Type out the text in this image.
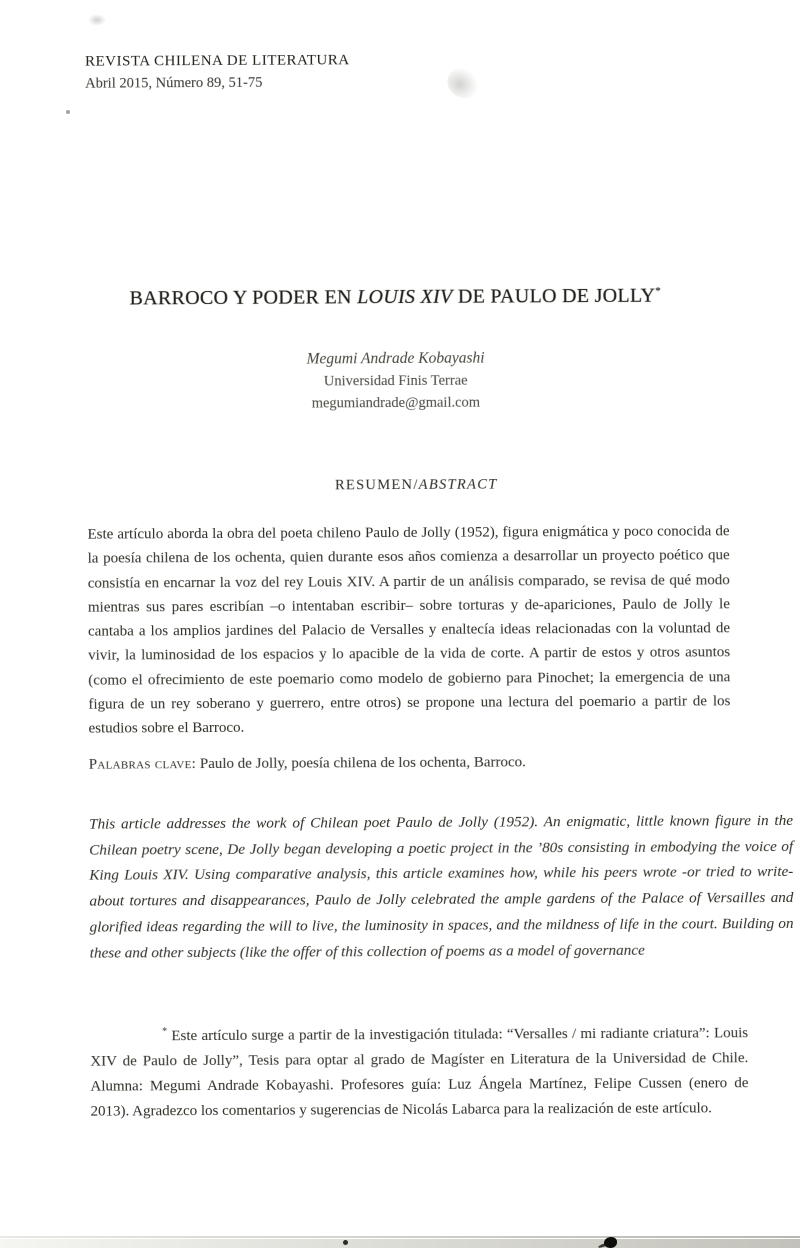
REVISTA CHILENA DE LITERATURA
Abril 2015, Número 89, 51-75
BARROCO Y PODER EN LOUIS XIV DE PAULO DE JOLLY*
Megumi Andrade Kobayashi
Universidad Finis Terrae
megumiandrade@gmail.com
RESUMEN/ABSTRACT
Este artículo aborda la obra del poeta chileno Paulo de Jolly (1952), figura enigmática y poco conocida de la poesía chilena de los ochenta, quien durante esos años comienza a desarrollar un proyecto poético que consistía en encarnar la voz del rey Louis XIV. A partir de un análisis comparado, se revisa de qué modo mientras sus pares escribían –o intentaban escribir– sobre torturas y de-apariciones, Paulo de Jolly le cantaba a los amplios jardines del Palacio de Versalles y enaltecía ideas relacionadas con la voluntad de vivir, la luminosidad de los espacios y lo apacible de la vida de corte. A partir de estos y otros asuntos (como el ofrecimiento de este poemario como modelo de gobierno para Pinochet; la emergencia de una figura de un rey soberano y guerrero, entre otros) se propone una lectura del poemario a partir de los estudios sobre el Barroco.
Palabras clave: Paulo de Jolly, poesía chilena de los ochenta, Barroco.
This article addresses the work of Chilean poet Paulo de Jolly (1952). An enigmatic, little known figure in the Chilean poetry scene, De Jolly began developing a poetic project in the ’80s consisting in embodying the voice of King Louis XIV. Using comparative analysis, this article examines how, while his peers wrote -or tried to write- about tortures and disappearances, Paulo de Jolly celebrated the ample gardens of the Palace of Versailles and glorified ideas regarding the will to live, the luminosity in spaces, and the mildness of life in the court. Building on these and other subjects (like the offer of this collection of poems as a model of governance
* Este artículo surge a partir de la investigación titulada: “Versalles / mi radiante criatura”: Louis XIV de Paulo de Jolly”, Tesis para optar al grado de Magíster en Literatura de la Universidad de Chile. Alumna: Megumi Andrade Kobayashi. Profesores guía: Luz Ángela Martínez, Felipe Cussen (enero de 2013). Agradezco los comentarios y sugerencias de Nicolás Labarca para la realización de este artículo.
